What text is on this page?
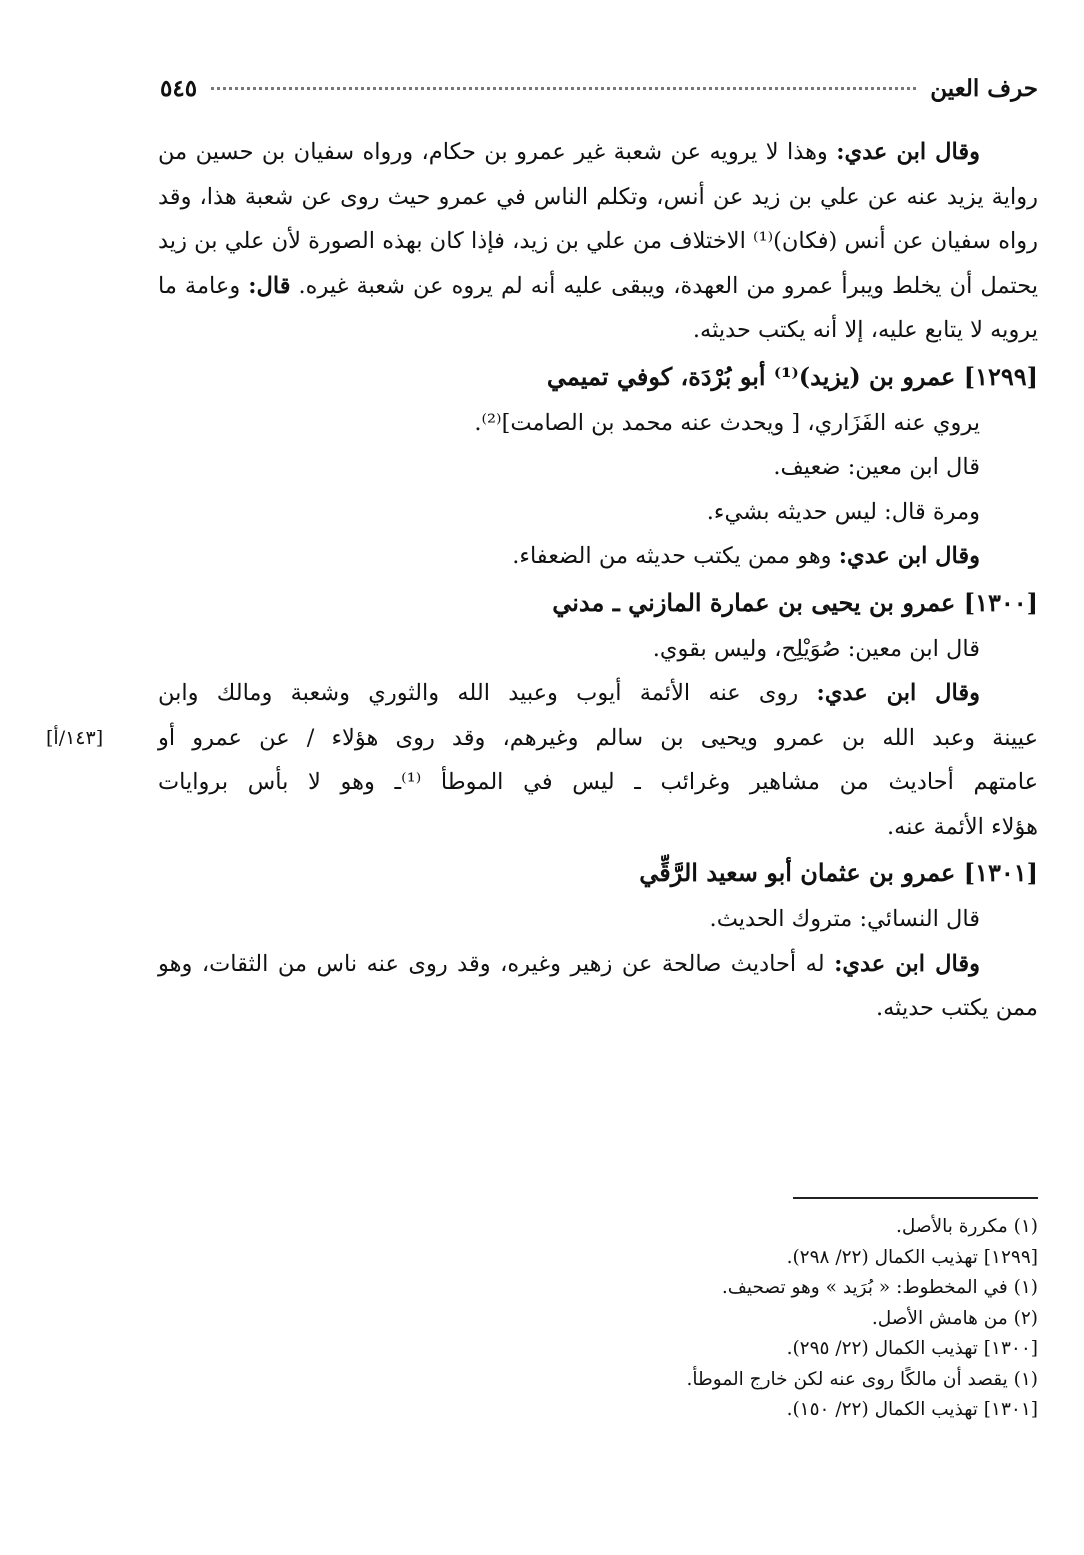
حرف العين
٥٤٥

وقال ابن عدي: وهذا لا يرويه عن شعبة غير عمرو بن حكام، ورواه سفيان بن حسين من رواية يزيد عنه عن علي بن زيد عن أنس، وتكلم الناس في عمرو حيث روى عن شعبة هذا، وقد رواه سفيان عن أنس (فكان)⁽¹⁾ الاختلاف من علي بن زيد، فإذا كان بهذه الصورة لأن علي بن زيد يحتمل أن يخلط ويبرأ عمرو من العهدة، ويبقى عليه أنه لم يروه عن شعبة غيره. قال: وعامة ما يرويه لا يتابع عليه، إلا أنه يكتب حديثه.

[١٢٩٩] عمرو بن (يزيد)⁽¹⁾ أبو بُرْدَة، كوفي تميمي

يروي عنه الفَزَاري، [ ويحدث عنه محمد بن الصامت]⁽²⁾.

قال ابن معين: ضعيف.

ومرة قال: ليس حديثه بشيء.

وقال ابن عدي: وهو ممن يكتب حديثه من الضعفاء.

[١٣٠٠] عمرو بن يحيى بن عمارة المازني ـ مدني

قال ابن معين: صُوَيْلِح، وليس بقوي.

وقال ابن عدي: روى عنه الأئمة أيوب وعبيد الله والثوري وشعبة ومالك وابن

عيينة وعبد الله بن عمرو ويحيى بن سالم وغيرهم، وقد روى هؤلاء / عن عمرو أو
[١٤٣/أ]

عامتهم أحاديث من مشاهير وغرائب ـ ليس في الموطأ ⁽¹⁾ـ وهو لا بأس بروايات

هؤلاء الأئمة عنه.

[١٣٠١] عمرو بن عثمان أبو سعيد الرَّقِّي

قال النسائي: متروك الحديث.

وقال ابن عدي: له أحاديث صالحة عن زهير وغيره، وقد روى عنه ناس من الثقات، وهو ممن يكتب حديثه.

(١) مكررة بالأصل.

[١٢٩٩] تهذيب الكمال (٢٢/ ٢٩٨).

(١) في المخطوط: « بُرَيد » وهو تصحيف.

(٢) من هامش الأصل.

[١٣٠٠] تهذيب الكمال (٢٢/ ٢٩٥).

(١) يقصد أن مالكًا روى عنه لكن خارج الموطأ.

[١٣٠١] تهذيب الكمال (٢٢/ ١٥٠).
